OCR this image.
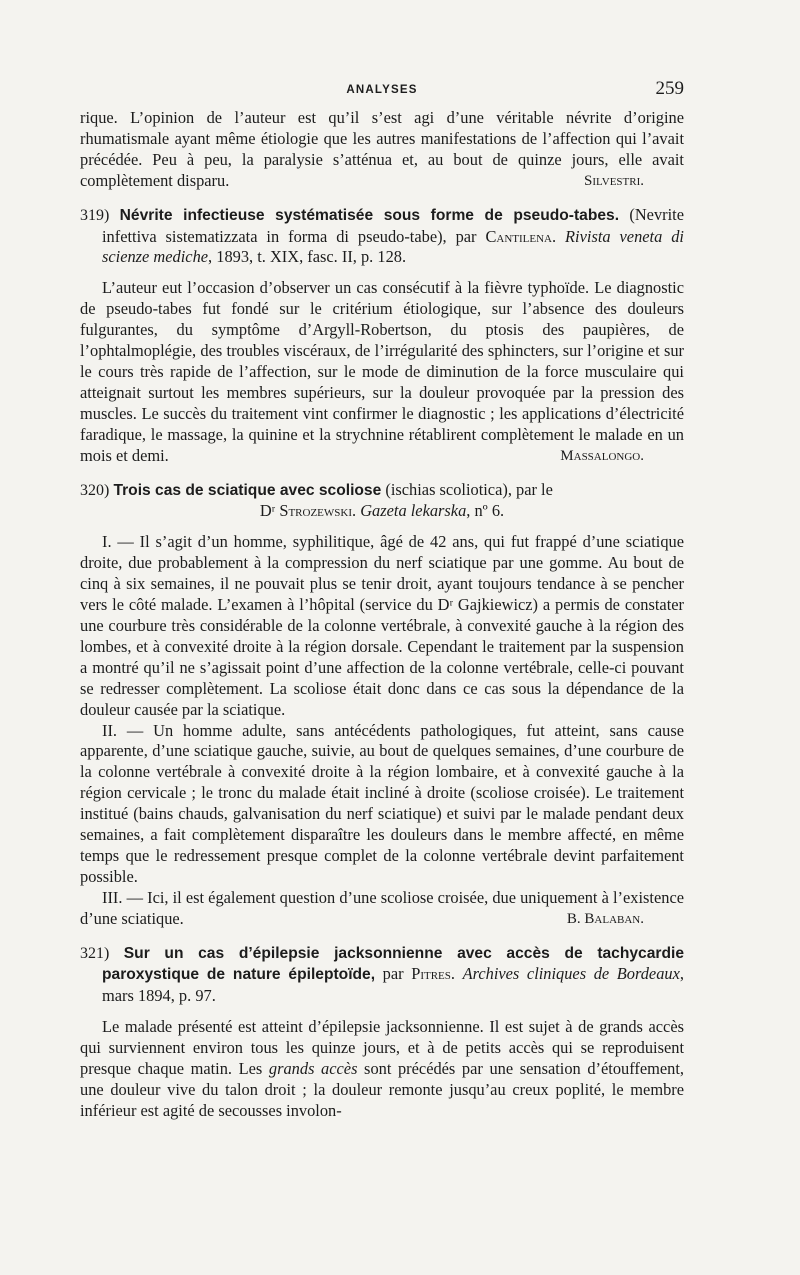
ANALYSES	259

rique. L’opinion de l’auteur est qu’il s’est agi d’une véritable névrite d’origine rhumatismale ayant même étiologie que les autres manifestations de l’affection qui l’avait précédée. Peu à peu, la paralysie s’atténua et, au bout de quinze jours, elle avait complètement disparu.	Silvestri.

319) Névrite infectieuse systématisée sous forme de pseudo-tabes. (Nevrite infettiva sistematizzata in forma di pseudo-tabe), par Cantilena. Rivista veneta di scienze mediche, 1893, t. XIX, fasc. II, p. 128.

L’auteur eut l’occasion d’observer un cas consécutif à la fièvre typhoïde. Le diagnostic de pseudo-tabes fut fondé sur le critérium étiologique, sur l’absence des douleurs fulgurantes, du symptôme d’Argyll-Robertson, du ptosis des paupières, de l’ophtalmoplégie, des troubles viscéraux, de l’irrégularité des sphincters, sur l’origine et sur le cours très rapide de l’affection, sur le mode de diminution de la force musculaire qui atteignait surtout les membres supérieurs, sur la douleur provoquée par la pression des muscles. Le succès du traitement vint confirmer le diagnostic ; les applications d’électricité faradique, le massage, la quinine et la strychnine rétablirent complètement le malade en un mois et demi.	Massalongo.

320) Trois cas de sciatique avec scoliose (ischias scoliotica), par le

Dʳ Strozewski. Gazeta lekarska, nº 6.

I. — Il s’agit d’un homme, syphilitique, âgé de 42 ans, qui fut frappé d’une sciatique droite, due probablement à la compression du nerf sciatique par une gomme. Au bout de cinq à six semaines, il ne pouvait plus se tenir droit, ayant toujours tendance à se pencher vers le côté malade. L’examen à l’hôpital (service du Dʳ Gajkiewicz) a permis de constater une courbure très considérable de la colonne vertébrale, à convexité gauche à la région des lombes, et à convexité droite à la région dorsale. Cependant le traitement par la suspension a montré qu’il ne s’agissait point d’une affection de la colonne vertébrale, celle-ci pouvant se redresser complètement. La scoliose était donc dans ce cas sous la dépendance de la douleur causée par la sciatique.

II. — Un homme adulte, sans antécédents pathologiques, fut atteint, sans cause apparente, d’une sciatique gauche, suivie, au bout de quelques semaines, d’une courbure de la colonne vertébrale à convexité droite à la région lombaire, et à convexité gauche à la région cervicale ; le tronc du malade était incliné à droite (scoliose croisée). Le traitement institué (bains chauds, galvanisation du nerf sciatique) et suivi par le malade pendant deux semaines, a fait complètement disparaître les douleurs dans le membre affecté, en même temps que le redressement presque complet de la colonne vertébrale devint parfaitement possible.

III. — Ici, il est également question d’une scoliose croisée, due uniquement à l’existence d’une sciatique.	B. Balaban.

321) Sur un cas d’épilepsie jacksonnienne avec accès de tachycardie paroxystique de nature épileptoïde, par Pitres. Archives cliniques de Bordeaux, mars 1894, p. 97.

Le malade présenté est atteint d’épilepsie jacksonnienne. Il est sujet à de grands accès qui surviennent environ tous les quinze jours, et à de petits accès qui se reproduisent presque chaque matin. Les grands accès sont précédés par une sensation d’étouffement, une douleur vive du talon droit ; la douleur remonte jusqu’au creux poplité, le membre inférieur est agité de secousses involon-
